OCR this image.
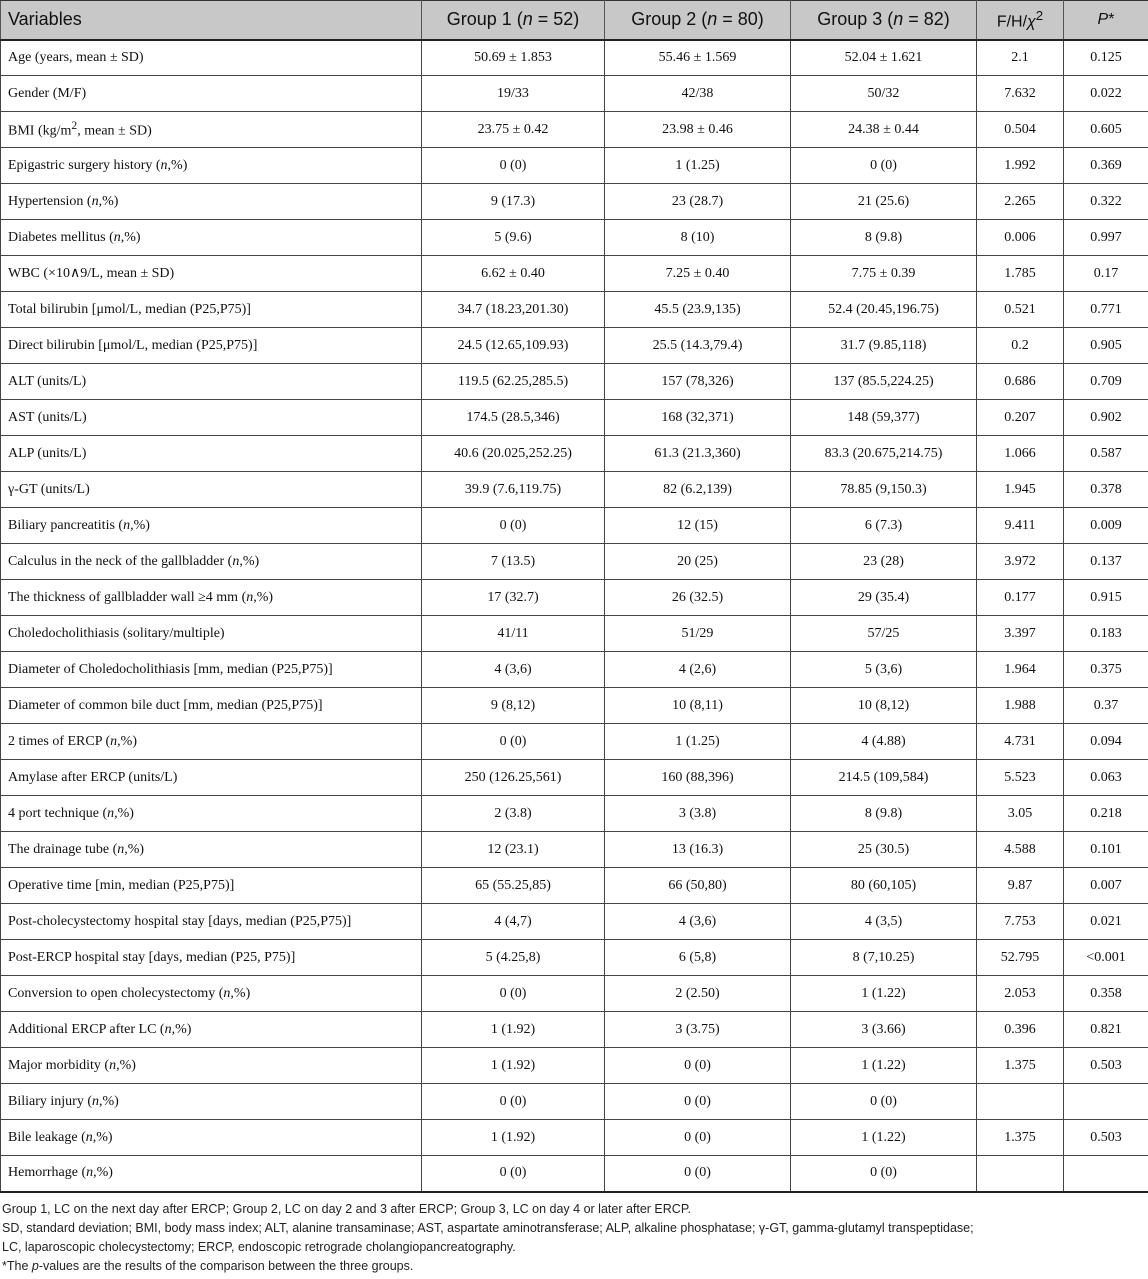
Variables	Group 1 (n = 52)	Group 2 (n = 80)	Group 3 (n = 82)	$F/H/\chi^2$	P*
Age (years, mean ± SD)	50.69 ± 1.853	55.46 ± 1.569	52.04 ± 1.621	2.1	0.125
Gender (M/F)	19/33	42/38	50/32	7.632	0.022
BMI ($kg/m^2$, mean ± SD)	23.75 ± 0.42	23.98 ± 0.46	24.38 ± 0.44	0.504	0.605
Epigastric surgery history (n,%)	0 (0)	1 (1.25)	0 (0)	1.992	0.369
Hypertension (n,%)	9 (17.3)	23 (28.7)	21 (25.6)	2.265	0.322
Diabetes mellitus (n,%)	5 (9.6)	8 (10)	8 (9.8)	0.006	0.997
WBC (×10∧9/L, mean ± SD)	6.62 ± 0.40	7.25 ± 0.40	7.75 ± 0.39	1.785	0.17
Total bilirubin [μmol/L, median (P25,P75)]	34.7 (18.23,201.30)	45.5 (23.9,135)	52.4 (20.45,196.75)	0.521	0.771
Direct bilirubin [μmol/L, median (P25,P75)]	24.5 (12.65,109.93)	25.5 (14.3,79.4)	31.7 (9.85,118)	0.2	0.905
ALT (units/L)	119.5 (62.25,285.5)	157 (78,326)	137 (85.5,224.25)	0.686	0.709
AST (units/L)	174.5 (28.5,346)	168 (32,371)	148 (59,377)	0.207	0.902
ALP (units/L)	40.6 (20.025,252.25)	61.3 (21.3,360)	83.3 (20.675,214.75)	1.066	0.587
γ-GT (units/L)	39.9 (7.6,119.75)	82 (6.2,139)	78.85 (9,150.3)	1.945	0.378
Biliary pancreatitis (n,%)	0 (0)	12 (15)	6 (7.3)	9.411	0.009
Calculus in the neck of the gallbladder (n,%)	7 (13.5)	20 (25)	23 (28)	3.972	0.137
The thickness of gallbladder wall ≥4 mm (n,%)	17 (32.7)	26 (32.5)	29 (35.4)	0.177	0.915
Choledocholithiasis (solitary/multiple)	41/11	51/29	57/25	3.397	0.183
Diameter of Choledocholithiasis [mm, median (P25,P75)]	4 (3,6)	4 (2,6)	5 (3,6)	1.964	0.375
Diameter of common bile duct [mm, median (P25,P75)]	9 (8,12)	10 (8,11)	10 (8,12)	1.988	0.37
2 times of ERCP (n,%)	0 (0)	1 (1.25)	4 (4.88)	4.731	0.094
Amylase after ERCP (units/L)	250 (126.25,561)	160 (88,396)	214.5 (109,584)	5.523	0.063
4 port technique (n,%)	2 (3.8)	3 (3.8)	8 (9.8)	3.05	0.218
The drainage tube (n,%)	12 (23.1)	13 (16.3)	25 (30.5)	4.588	0.101
Operative time [min, median (P25,P75)]	65 (55.25,85)	66 (50,80)	80 (60,105)	9.87	0.007
Post-cholecystectomy hospital stay [days, median (P25,P75)]	4 (4,7)	4 (3,6)	4 (3,5)	7.753	0.021
Post-ERCP hospital stay [days, median (P25, P75)]	5 (4.25,8)	6 (5,8)	8 (7,10.25)	52.795	<0.001
Conversion to open cholecystectomy (n,%)	0 (0)	2 (2.50)	1 (1.22)	2.053	0.358
Additional ERCP after LC (n,%)	1 (1.92)	3 (3.75)	3 (3.66)	0.396	0.821
Major morbidity (n,%)	1 (1.92)	0 (0)	1 (1.22)	1.375	0.503
Biliary injury (n,%)	0 (0)	0 (0)	0 (0)		
Bile leakage (n,%)	1 (1.92)	0 (0)	1 (1.22)	1.375	0.503
Hemorrhage (n,%)	0 (0)	0 (0)	0 (0)		
Group 1, LC on the next day after ERCP; Group 2, LC on day 2 and 3 after ERCP; Group 3, LC on day 4 or later after ERCP.
SD, standard deviation; BMI, body mass index; ALT, alanine transaminase; AST, aspartate aminotransferase; ALP, alkaline phosphatase; γ-GT, gamma-glutamyl transpeptidase;
LC, laparoscopic cholecystectomy; ERCP, endoscopic retrograde cholangiopancreatography.
*The p-values are the results of the comparison between the three groups.
